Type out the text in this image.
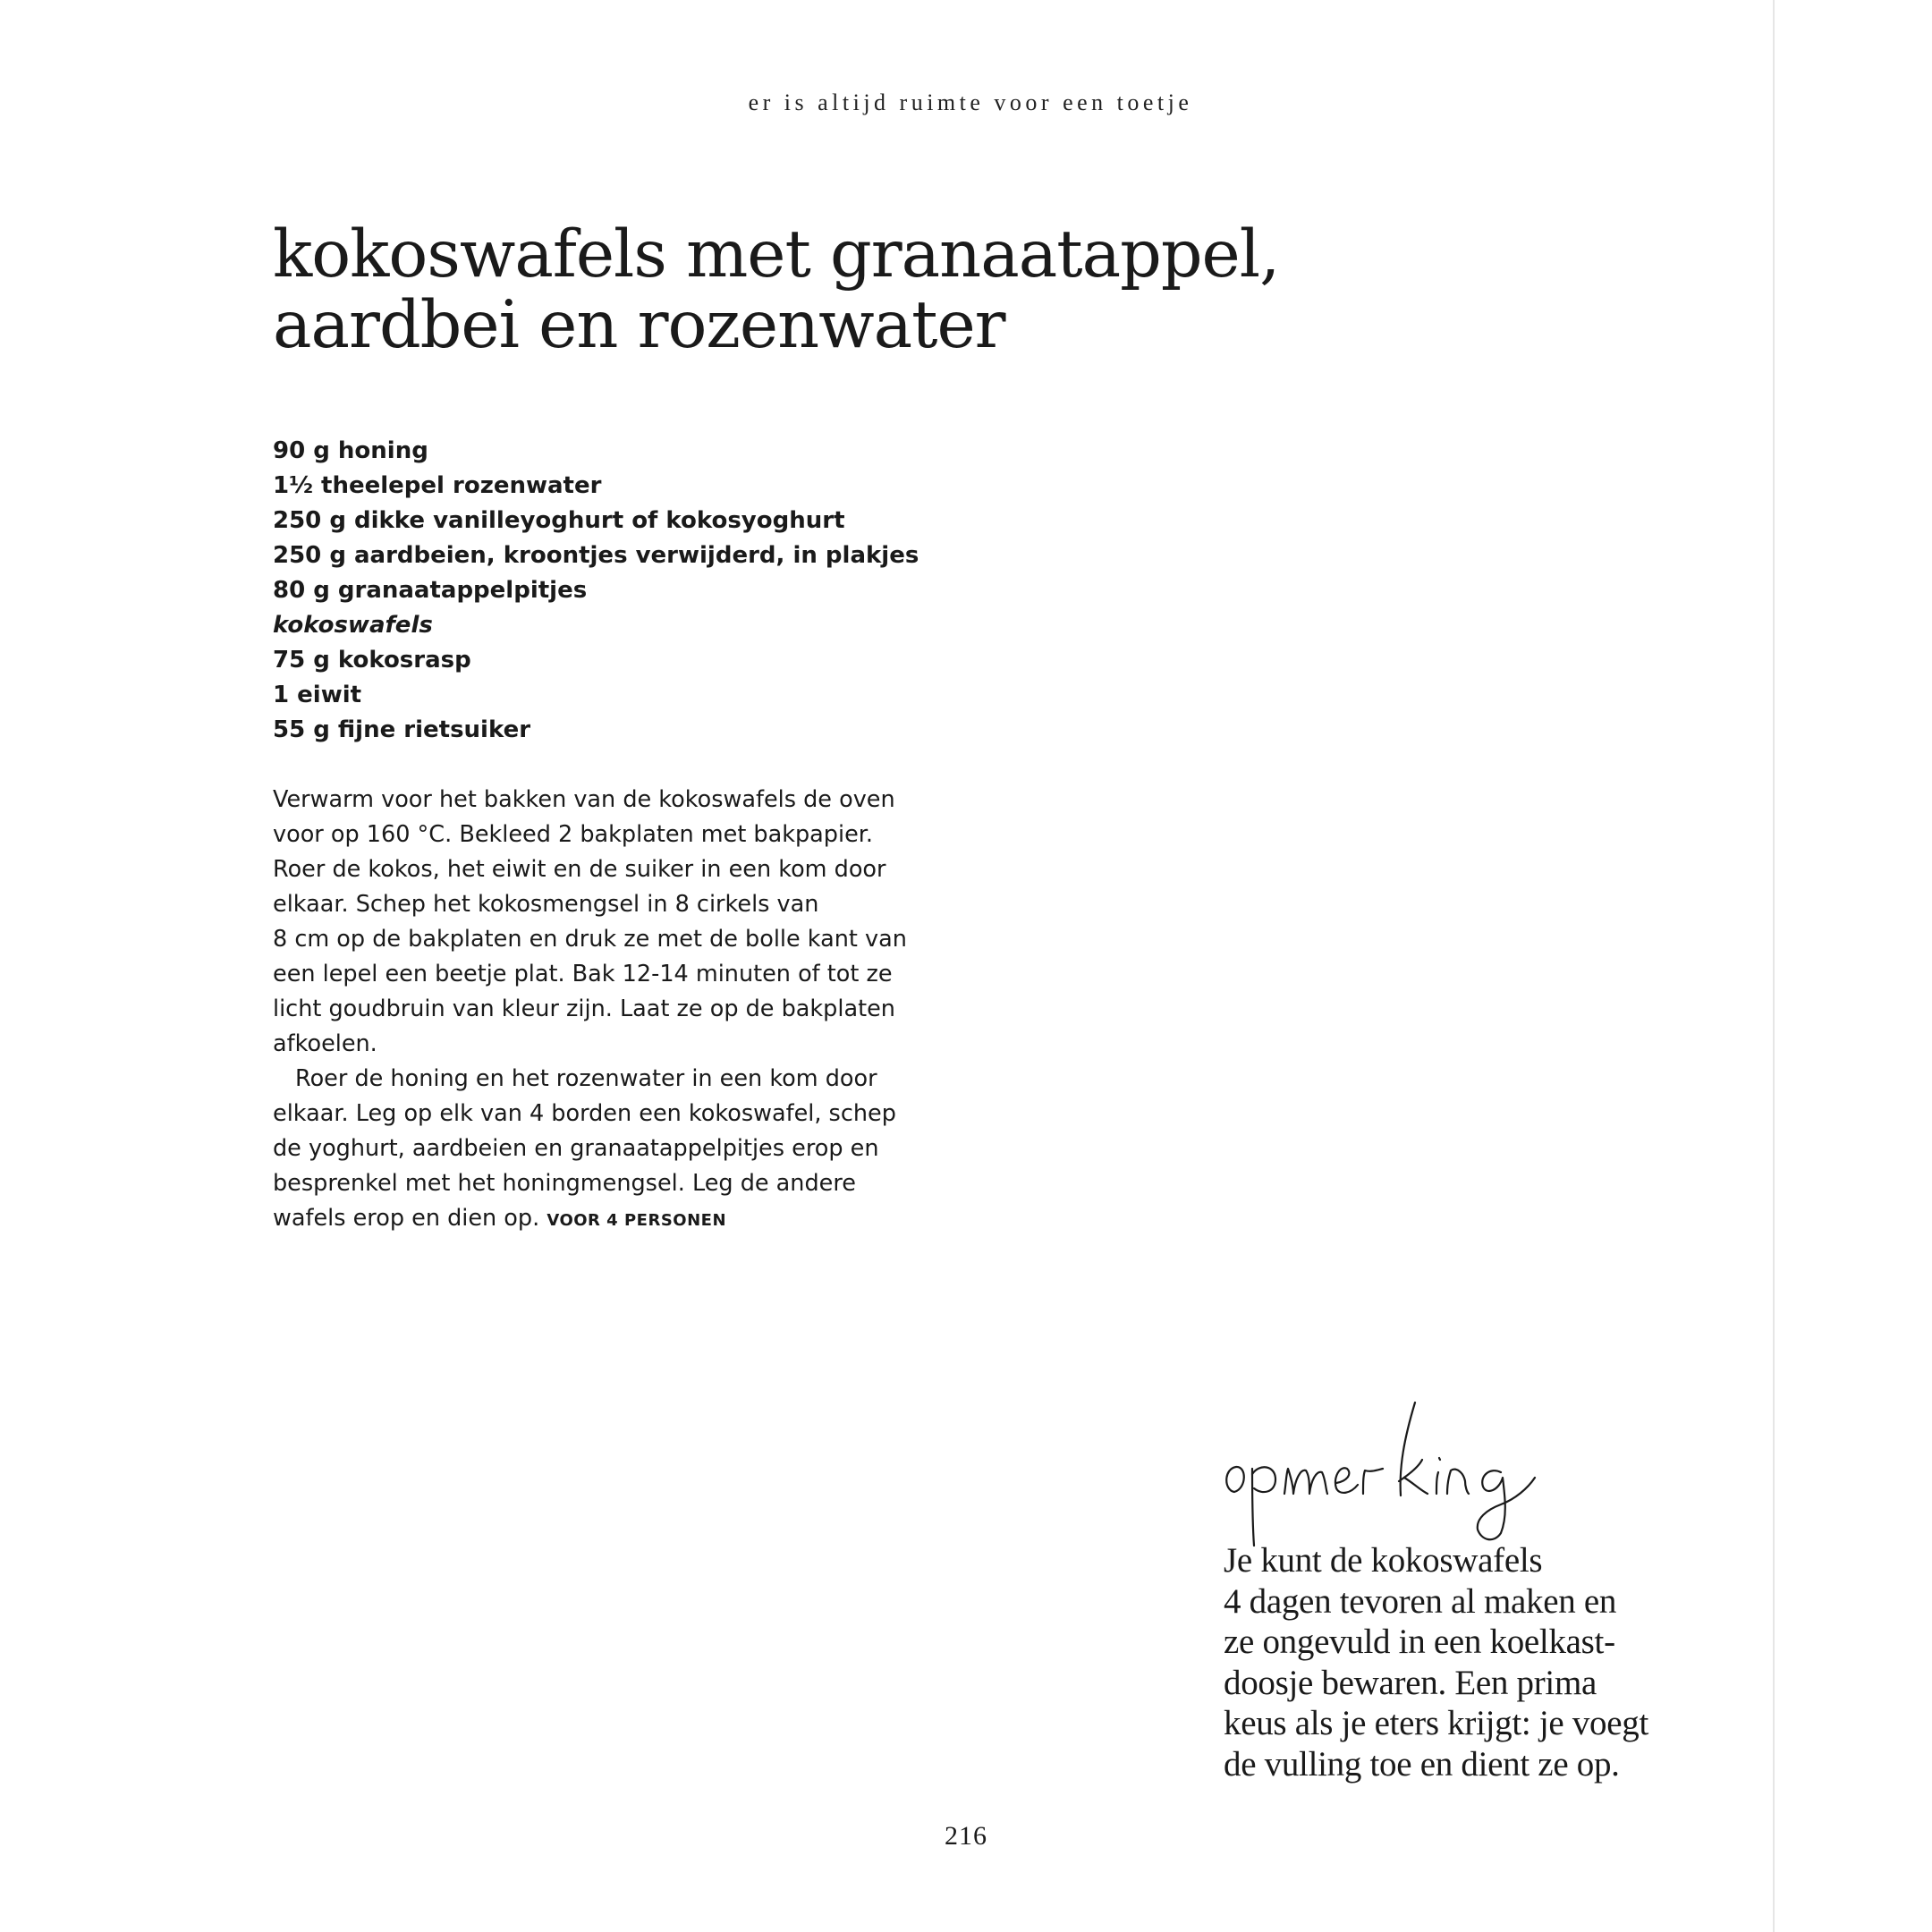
er is altijd ruimte voor een toetje
kokoswafels met granaatappel,
aardbei en rozenwater
90 g honing
1½ theelepel rozenwater
250 g dikke vanilleyoghurt of kokosyoghurt
250 g aardbeien, kroontjes verwijderd, in plakjes
80 g granaatappelpitjes
kokoswafels
75 g kokosrasp
1 eiwit
55 g fijne rietsuiker

Verwarm voor het bakken van de kokoswafels de oven
voor op 160 °C. Bekleed 2 bakplaten met bakpapier.
Roer de kokos, het eiwit en de suiker in een kom door
elkaar. Schep het kokosmengsel in 8 cirkels van
8 cm op de bakplaten en druk ze met de bolle kant van
een lepel een beetje plat. Bak 12-14 minuten of tot ze
licht goudbruin van kleur zijn. Laat ze op de bakplaten
afkoelen.

Roer de honing en het rozenwater in een kom door
elkaar. Leg op elk van 4 borden een kokoswafel, schep
de yoghurt, aardbeien en granaatappelpitjes erop en
besprenkel met het honingmengsel. Leg de andere
wafels erop en dien op. VOOR 4 PERSONEN

Je kunt de kokoswafels
4 dagen tevoren al maken en
ze ongevuld in een koelkast-
doosje bewaren. Een prima
keus als je eters krijgt: je voegt
de vulling toe en dient ze op.
216
